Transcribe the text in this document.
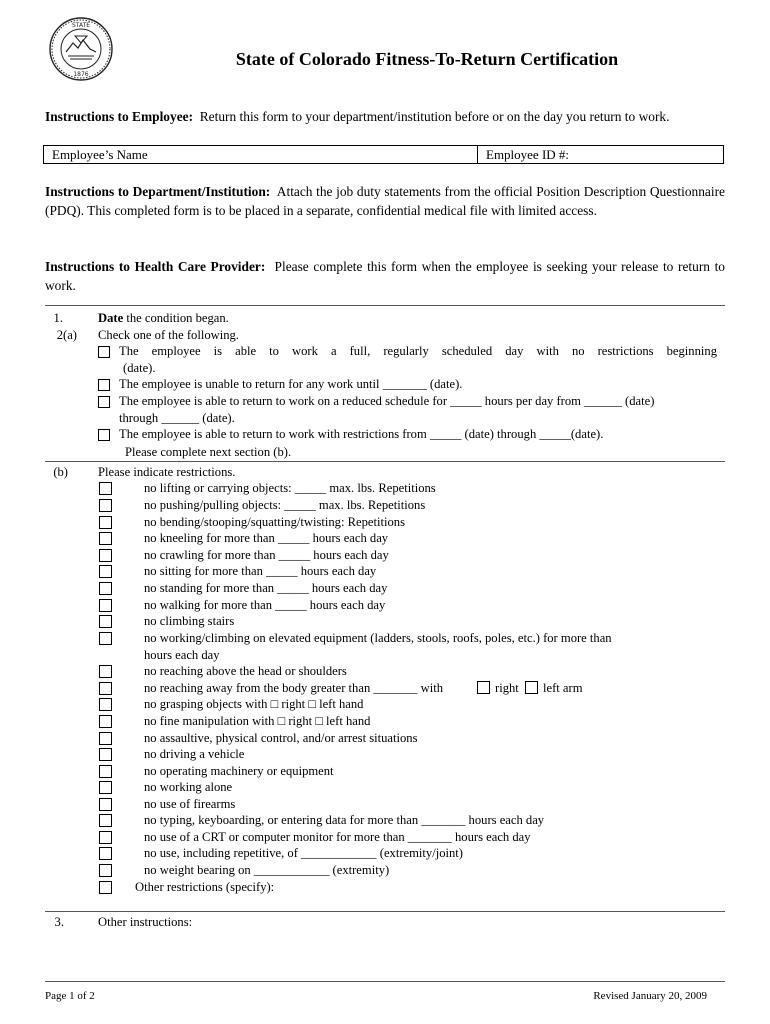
STATE
1876
State of Colorado Fitness-To-Return Certification
Instructions to Employee: Return this form to your department/institution before or on the day you return to work.
Employee’s Name	Employee ID #:
Instructions to Department/Institution: Attach the job duty statements from the official Position Description Questionnaire (PDQ). This completed form is to be placed in a separate, confidential medical file with limited access.
Instructions to Health Care Provider: Please complete this form when the employee is seeking your release to return to work.
1.	Date the condition began.
2(a) Check one of the following.
The employee is able to work a full, regularly scheduled day with no restrictions beginning
(date).
The employee is unable to return for any work until _______ (date).
The employee is able to return to work on a reduced schedule for _____ hours per day from ______ (date)
through ______ (date).
The employee is able to return to work with restrictions from _____ (date) through _____(date).
Please complete next section (b).
(b) Please indicate restrictions.
no lifting or carrying objects: _____ max. lbs. Repetitions
no pushing/pulling objects: _____ max. lbs. Repetitions
no bending/stooping/squatting/twisting: Repetitions
no kneeling for more than _____ hours each day
no crawling for more than _____ hours each day
no sitting for more than _____ hours each day
no standing for more than _____ hours each day
no walking for more than _____ hours each day
no climbing stairs
no working/climbing on elevated equipment (ladders, stools, roofs, poles, etc.) for more than
hours each day
no reaching above the head or shoulders
no reaching away from the body greater than _______ with	right left arm
no grasping objects with □ right □ left hand
no fine manipulation with □ right □ left hand
no assaultive, physical control, and/or arrest situations
no driving a vehicle
no operating machinery or equipment
no working alone
no use of firearms
no typing, keyboarding, or entering data for more than _______ hours each day
no use of a CRT or computer monitor for more than _______ hours each day
no use, including repetitive, of ____________ (extremity/joint)
no weight bearing on ____________ (extremity)
Other restrictions (specify):
3.	Other instructions:
Page 1 of 2	Revised January 20, 2009
